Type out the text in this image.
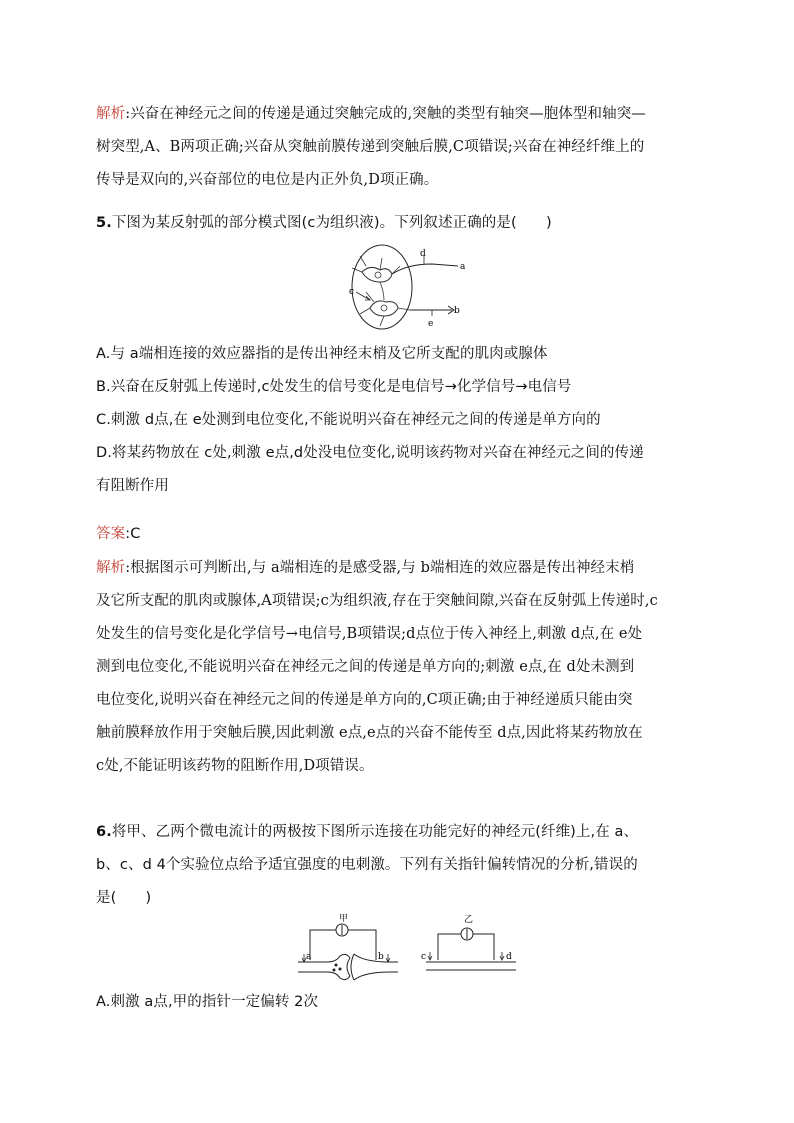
解析:兴奋在神经元之间的传递是通过突触完成的,突触的类型有轴突—胞体型和轴突—
树突型,A、B两项正确;兴奋从突触前膜传递到突触后膜,C项错误;兴奋在神经纤维上的
传导是双向的,兴奋部位的电位是内正外负,D项正确。
5.下图为某反射弧的部分模式图(c为组织液)。下列叙述正确的是(　　)
d
a
c
b
e
A.与 a端相连接的效应器指的是传出神经末梢及它所支配的肌肉或腺体
B.兴奋在反射弧上传递时,c处发生的信号变化是电信号→化学信号→电信号
C.刺激 d点,在 e处测到电位变化,不能说明兴奋在神经元之间的传递是单方向的
D.将某药物放在 c处,刺激 e点,d处没电位变化,说明该药物对兴奋在神经元之间的传递
有阻断作用
答案:C
解析:根据图示可判断出,与 a端相连的是感受器,与 b端相连的效应器是传出神经末梢
及它所支配的肌肉或腺体,A项错误;c为组织液,存在于突触间隙,兴奋在反射弧上传递时,c
处发生的信号变化是化学信号→电信号,B项错误;d点位于传入神经上,刺激 d点,在 e处
测到电位变化,不能说明兴奋在神经元之间的传递是单方向的;刺激 e点,在 d处未测到
电位变化,说明兴奋在神经元之间的传递是单方向的,C项正确;由于神经递质只能由突
触前膜释放作用于突触后膜,因此刺激 e点,e点的兴奋不能传至 d点,因此将某药物放在
c处,不能证明该药物的阻断作用,D项错误。
6.将甲、乙两个微电流计的两极按下图所示连接在功能完好的神经元(纤维)上,在 a、
b、c、d 4个实验位点给予适宜强度的电刺激。下列有关指针偏转情况的分析,错误的
是(　　)
甲
a	b
乙
c	d
A.刺激 a点,甲的指针一定偏转 2次
